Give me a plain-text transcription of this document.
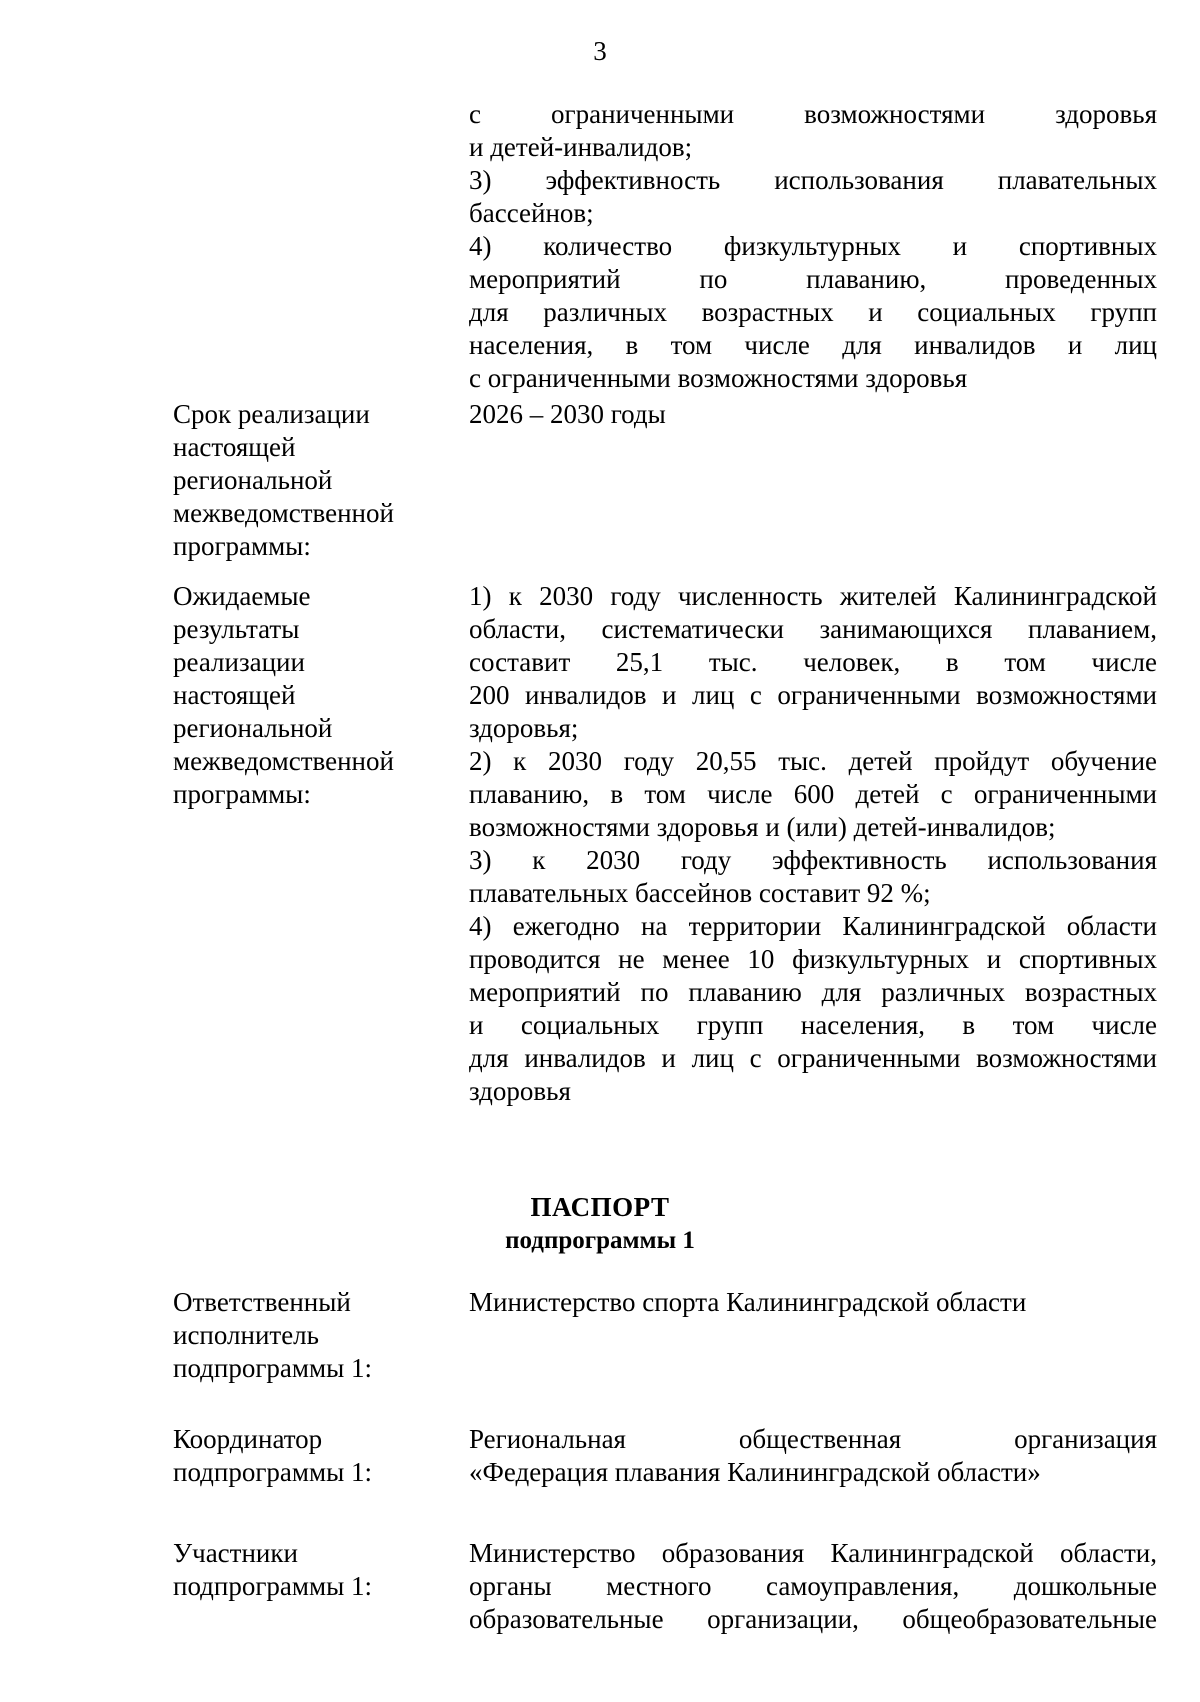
3

с ограниченными возможностями здоровья

и детей-инвалидов;

3) эффективность использования плавательных

бассейнов;

4) количество физкультурных и спортивных

мероприятий по плаванию, проведенных

для различных возрастных и социальных групп

населения, в том числе для инвалидов и лиц

с ограниченными возможностями здоровья

Срок реализации

настоящей

региональной

межведомственной

программы:

2026 – 2030 годы

Ожидаемые

результаты

реализации

настоящей

региональной

межведомственной

программы:

1) к 2030 году численность жителей Калининградской

области, систематически занимающихся плаванием,

составит 25,1 тыс. человек, в том числе

200 инвалидов и лиц с ограниченными возможностями

здоровья;

2) к 2030 году 20,55 тыс. детей пройдут обучение

плаванию, в том числе 600 детей с ограниченными

возможностями здоровья и (или) детей-инвалидов;

3) к 2030 году эффективность использования

плавательных бассейнов составит 92 %;

4) ежегодно на территории Калининградской области

проводится не менее 10 физкультурных и спортивных

мероприятий по плаванию для различных возрастных

и социальных групп населения, в том числе

для инвалидов и лиц с ограниченными возможностями

здоровья

ПАСПОРТ
подпрограммы 1

Ответственный

исполнитель

подпрограммы 1:

Министерство спорта Калининградской области

Координатор

подпрограммы 1:

Региональная общественная организация

«Федерация плавания Калининградской области»

Участники

подпрограммы 1:

Министерство образования Калининградской области,

органы местного самоуправления, дошкольные

образовательные организации, общеобразовательные
